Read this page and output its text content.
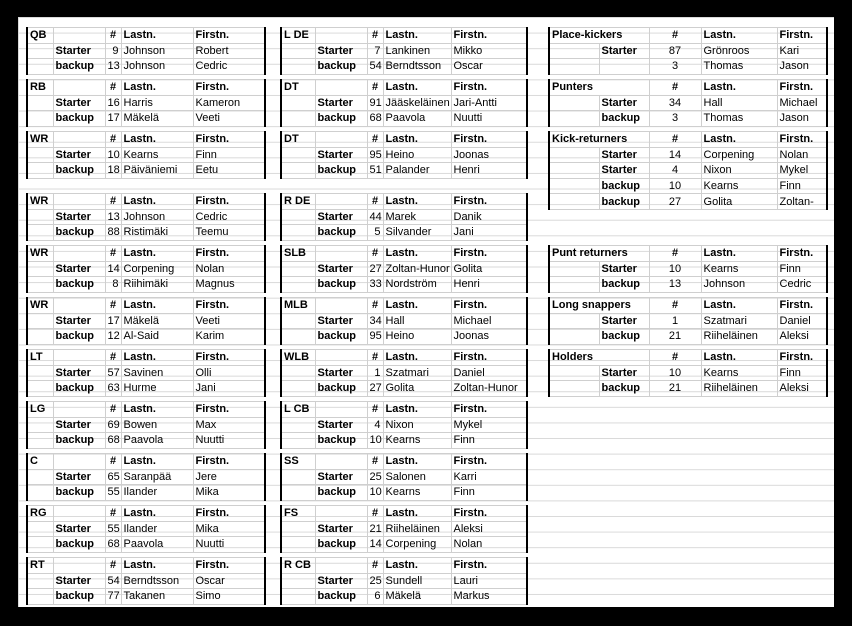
QB		#	Lastn.	Firstn.
	Starter	9	Johnson	Robert
	backup	13	Johnson	Cedric
RB		#	Lastn.	Firstn.
	Starter	16	Harris	Kameron
	backup	17	Mäkelä	Veeti
WR		#	Lastn.	Firstn.
	Starter	10	Kearns	Finn
	backup	18	Päiväniemi	Eetu
WR		#	Lastn.	Firstn.
	Starter	13	Johnson	Cedric
	backup	88	Ristimäki	Teemu
WR		#	Lastn.	Firstn.
	Starter	14	Corpening	Nolan
	backup	8	Riihimäki	Magnus
WR		#	Lastn.	Firstn.
	Starter	17	Mäkelä	Veeti
	backup	12	Al-Said	Karim
LT		#	Lastn.	Firstn.
	Starter	57	Savinen	Olli
	backup	63	Hurme	Jani
LG		#	Lastn.	Firstn.
	Starter	69	Bowen	Max
	backup	68	Paavola	Nuutti
C		#	Lastn.	Firstn.
	Starter	65	Saranpää	Jere
	backup	55	Ilander	Mika
RG		#	Lastn.	Firstn.
	Starter	55	Ilander	Mika
	backup	68	Paavola	Nuutti
RT		#	Lastn.	Firstn.
	Starter	54	Berndtsson	Oscar
	backup	77	Takanen	Simo
L DE		#	Lastn.	Firstn.
	Starter	7	Lankinen	Mikko
	backup	54	Berndtsson	Oscar
DT		#	Lastn.	Firstn.
	Starter	91	Jääskeläinen	Jari-Antti
	backup	68	Paavola	Nuutti
DT		#	Lastn.	Firstn.
	Starter	95	Heino	Joonas
	backup	51	Palander	Henri
R DE		#	Lastn.	Firstn.
	Starter	44	Marek	Danik
	backup	5	Silvander	Jani
SLB		#	Lastn.	Firstn.
	Starter	27	Zoltan-Hunor	Golita
	backup	33	Nordström	Henri
MLB		#	Lastn.	Firstn.
	Starter	34	Hall	Michael
	backup	95	Heino	Joonas
WLB		#	Lastn.	Firstn.
	Starter	1	Szatmari	Daniel
	backup	27	Golita	Zoltan-Hunor
L CB		#	Lastn.	Firstn.
	Starter	4	Nixon	Mykel
	backup	10	Kearns	Finn
SS		#	Lastn.	Firstn.
	Starter	25	Salonen	Karri
	backup	10	Kearns	Finn
FS		#	Lastn.	Firstn.
	Starter	21	Riiheläinen	Aleksi
	backup	14	Corpening	Nolan
R CB		#	Lastn.	Firstn.
	Starter	25	Sundell	Lauri
	backup	6	Mäkelä	Markus
Place-kickers		#	Lastn.	Firstn.
	Starter	87	Grönroos	Kari
		3	Thomas	Jason
Punters		#	Lastn.	Firstn.
	Starter	34	Hall	Michael
	backup	3	Thomas	Jason
Kick-returners		#	Lastn.	Firstn.
	Starter	14	Corpening	Nolan
	Starter	4	Nixon	Mykel
	backup	10	Kearns	Finn
	backup	27	Golita	Zoltan-
Punt returners		#	Lastn.	Firstn.
	Starter	10	Kearns	Finn
	backup	13	Johnson	Cedric
Long snappers		#	Lastn.	Firstn.
	Starter	1	Szatmari	Daniel
	backup	21	Riiheläinen	Aleksi
Holders		#	Lastn.	Firstn.
	Starter	10	Kearns	Finn
	backup	21	Riiheläinen	Aleksi
